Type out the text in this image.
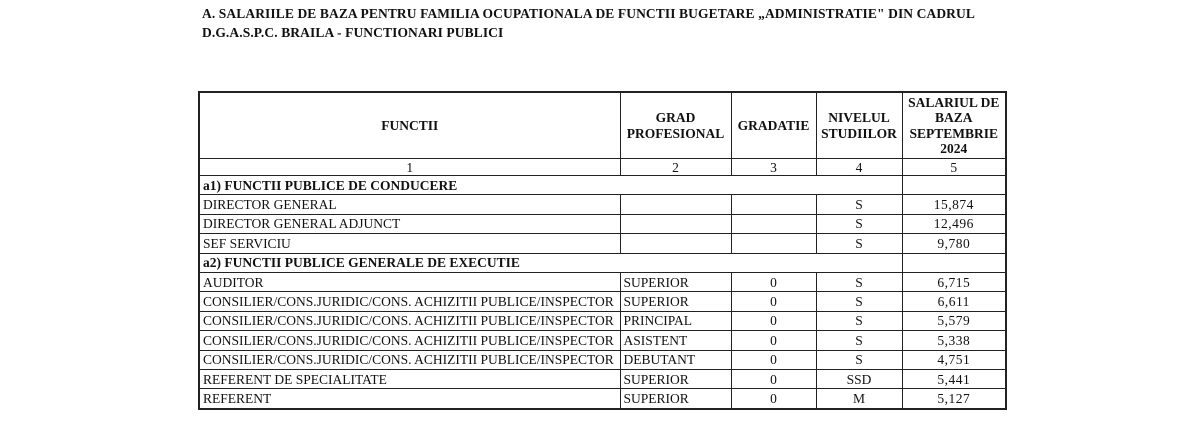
A. SALARIILE DE BAZA PENTRU FAMILIA OCUPATIONALA DE FUNCTII BUGETARE „ADMINISTRATIE" DIN CADRUL
D.G.A.S.P.C. BRAILA - FUNCTIONARI PUBLICI
FUNCTII	GRAD PROFESIONAL	GRADATIE	NIVELUL STUDIILOR	SALARIUL DE BAZA SEPTEMBRIE 2024
1	2	3	4	5
a1) FUNCTII PUBLICE DE CONDUCERE				
DIRECTOR GENERAL			S	15,874
DIRECTOR GENERAL ADJUNCT			S	12,496
SEF SERVICIU			S	9,780
a2) FUNCTII PUBLICE GENERALE DE EXECUTIE				
AUDITOR	SUPERIOR	0	S	6,715
CONSILIER/CONS.JURIDIC/CONS. ACHIZITII PUBLICE/INSPECTOR	SUPERIOR	0	S	6,611
CONSILIER/CONS.JURIDIC/CONS. ACHIZITII PUBLICE/INSPECTOR	PRINCIPAL	0	S	5,579
CONSILIER/CONS.JURIDIC/CONS. ACHIZITII PUBLICE/INSPECTOR	ASISTENT	0	S	5,338
CONSILIER/CONS.JURIDIC/CONS. ACHIZITII PUBLICE/INSPECTOR	DEBUTANT	0	S	4,751
REFERENT DE SPECIALITATE	SUPERIOR	0	SSD	5,441
REFERENT	SUPERIOR	0	M	5,127
